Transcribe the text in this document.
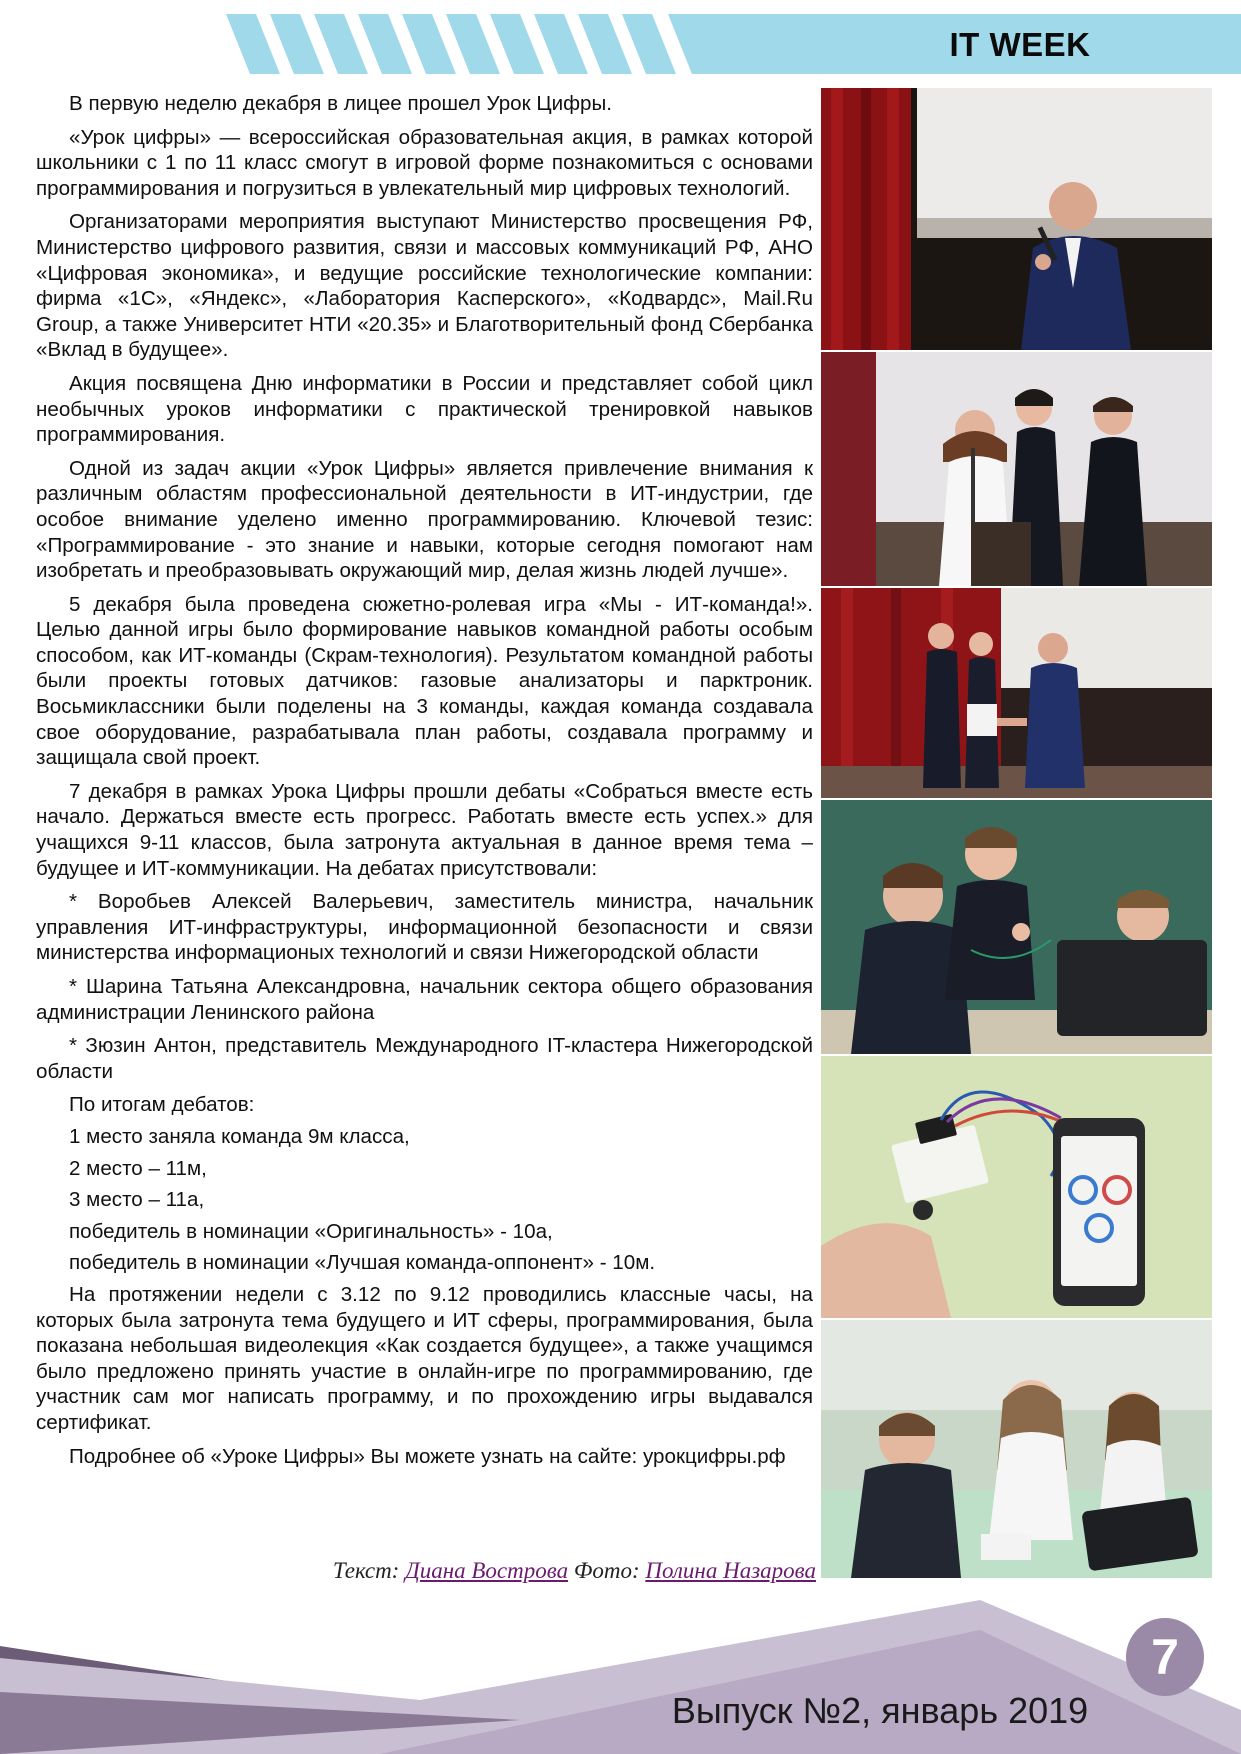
IT WEEK

В первую неделю декабря в лицее прошел Урок Цифры.

«Урок цифры» — всероссийская образовательная акция, в рамках которой школьники с 1 по 11 класс смогут в игровой форме познакомиться с основами программирования и погрузиться в увлекательный мир цифровых технологий.

Организаторами мероприятия выступают Министерство просвещения РФ, Министерство цифрового развития, связи и массовых коммуникаций РФ, АНО «Цифровая экономика», и ведущие российские технологические компании: фирма «1С», «Яндекс», «Лаборатория Касперского», «Кодвардс», Mail.Ru Group, а также Университет НТИ «20.35» и Благотворительный фонд Сбербанка «Вклад в будущее».

Акция посвящена Дню информатики в России и представляет собой цикл необычных уроков информатики с практической тренировкой навыков программирования.

Одной из задач акции «Урок Цифры» является привлечение внимания к различным областям профессиональной деятельности в ИТ-индустрии, где особое внимание уделено именно программированию. Ключевой тезис: «Программирование - это знание и навыки, которые сегодня помогают нам изобретать и преобразовывать окружающий мир, делая жизнь людей лучше».

5 декабря была проведена сюжетно-ролевая игра «Мы - ИТ-команда!». Целью данной игры было формирование навыков командной работы особым способом, как ИТ-команды (Скрам-технология). Результатом командной работы были проекты готовых датчиков: газовые анализаторы и парктроник. Восьмиклассники были поделены на 3 команды, каждая команда создавала свое оборудование, разрабатывала план работы, создавала программу и защищала свой проект.

7 декабря в рамках Урока Цифры прошли дебаты «Собраться вместе есть начало. Держаться вместе есть прогресс. Работать вместе есть успех.» для учащихся 9-11 классов, была затронута актуальная в данное время тема – будущее и ИТ-коммуникации. На дебатах присутствовали:

* Воробьев Алексей Валерьевич, заместитель министра, начальник управления ИТ-инфраструктуры, информационной безопасности и связи министерства информационых технологий и связи Нижегородской области

* Шарина Татьяна Александровна, начальник сектора общего образования администрации Ленинского района

* Зюзин Антон, представитель Международного IT-кластера Нижегородской области

По итогам дебатов:

1 место заняла команда 9м класса,

2 место – 11м,

3 место – 11а,

победитель в номинации «Оригинальность» - 10а,

победитель в номинации «Лучшая команда-оппонент» - 10м.

На протяжении недели с 3.12 по 9.12 проводились классные часы, на которых была затронута тема будущего и ИТ сферы, программирования, была показана небольшая видеолекция «Как создается будущее», а также учащимся было предложено принять участие в онлайн-игре по программированию, где участник сам мог написать программу, и по прохождению игры выдавался сертификат.

Подробнее об «Уроке Цифры» Вы можете узнать на сайте: урокцифры.рф

Текст: Диана Вострова Фото: Полина Назарова
Выпуск №2, январь 2019
7
